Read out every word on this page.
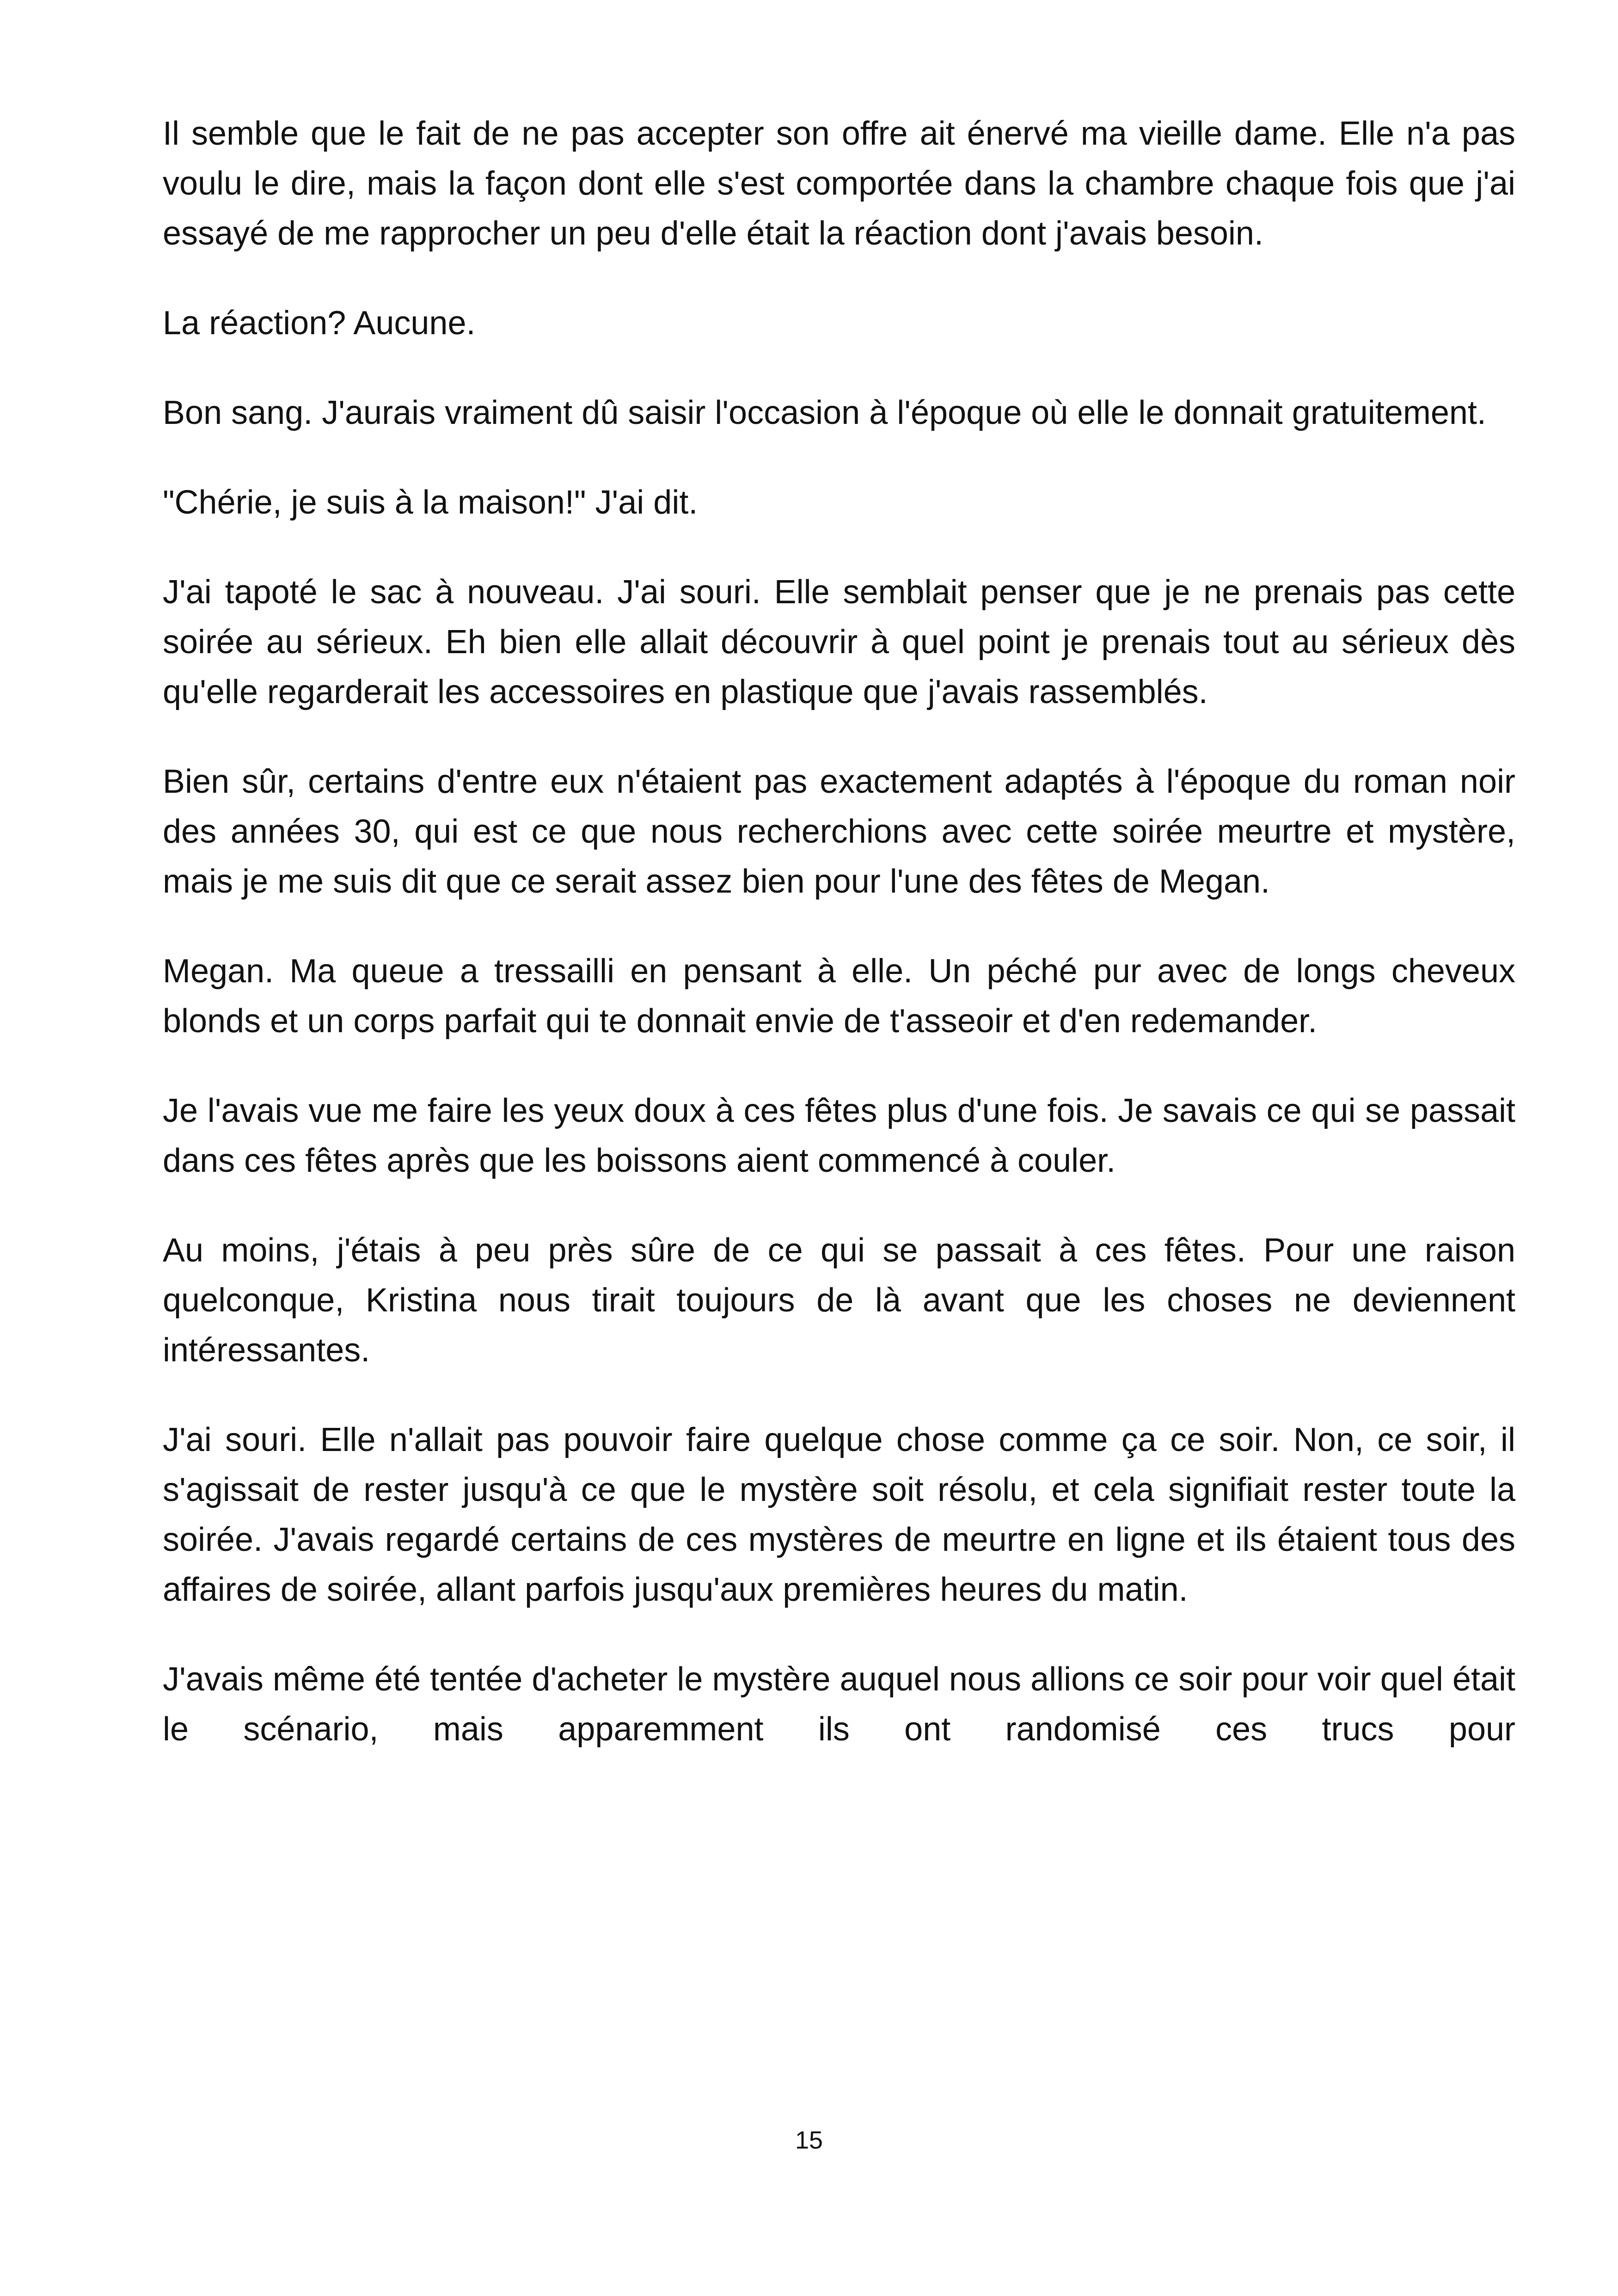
Il semble que le fait de ne pas accepter son offre ait énervé ma vieille dame. Elle n'a pas voulu le dire, mais la façon dont elle s'est comportée dans la chambre chaque fois que j'ai essayé de me rapprocher un peu d'elle était la réaction dont j'avais besoin.

La réaction? Aucune.

Bon sang. J'aurais vraiment dû saisir l'occasion à l'époque où elle le donnait gratuitement.

"Chérie, je suis à la maison!" J'ai dit.

J'ai tapoté le sac à nouveau. J'ai souri. Elle semblait penser que je ne prenais pas cette soirée au sérieux. Eh bien elle allait découvrir à quel point je prenais tout au sérieux dès qu'elle regarderait les accessoires en plastique que j'avais rassemblés.

Bien sûr, certains d'entre eux n'étaient pas exactement adaptés à l'époque du roman noir des années 30, qui est ce que nous recherchions avec cette soirée meurtre et mystère, mais je me suis dit que ce serait assez bien pour l'une des fêtes de Megan.

Megan. Ma queue a tressailli en pensant à elle. Un péché pur avec de longs cheveux blonds et un corps parfait qui te donnait envie de t'asseoir et d'en redemander.

Je l'avais vue me faire les yeux doux à ces fêtes plus d'une fois. Je savais ce qui se passait dans ces fêtes après que les boissons aient commencé à couler.

Au moins, j'étais à peu près sûre de ce qui se passait à ces fêtes. Pour une raison quelconque, Kristina nous tirait toujours de là avant que les choses ne deviennent intéressantes.

J'ai souri. Elle n'allait pas pouvoir faire quelque chose comme ça ce soir. Non, ce soir, il s'agissait de rester jusqu'à ce que le mystère soit résolu, et cela signifiait rester toute la soirée. J'avais regardé certains de ces mystères de meurtre en ligne et ils étaient tous des affaires de soirée, allant parfois jusqu'aux premières heures du matin.

J'avais même été tentée d'acheter le mystère auquel nous allions ce soir pour voir quel était le scénario, mais apparemment ils ont randomisé ces trucs pour

15
